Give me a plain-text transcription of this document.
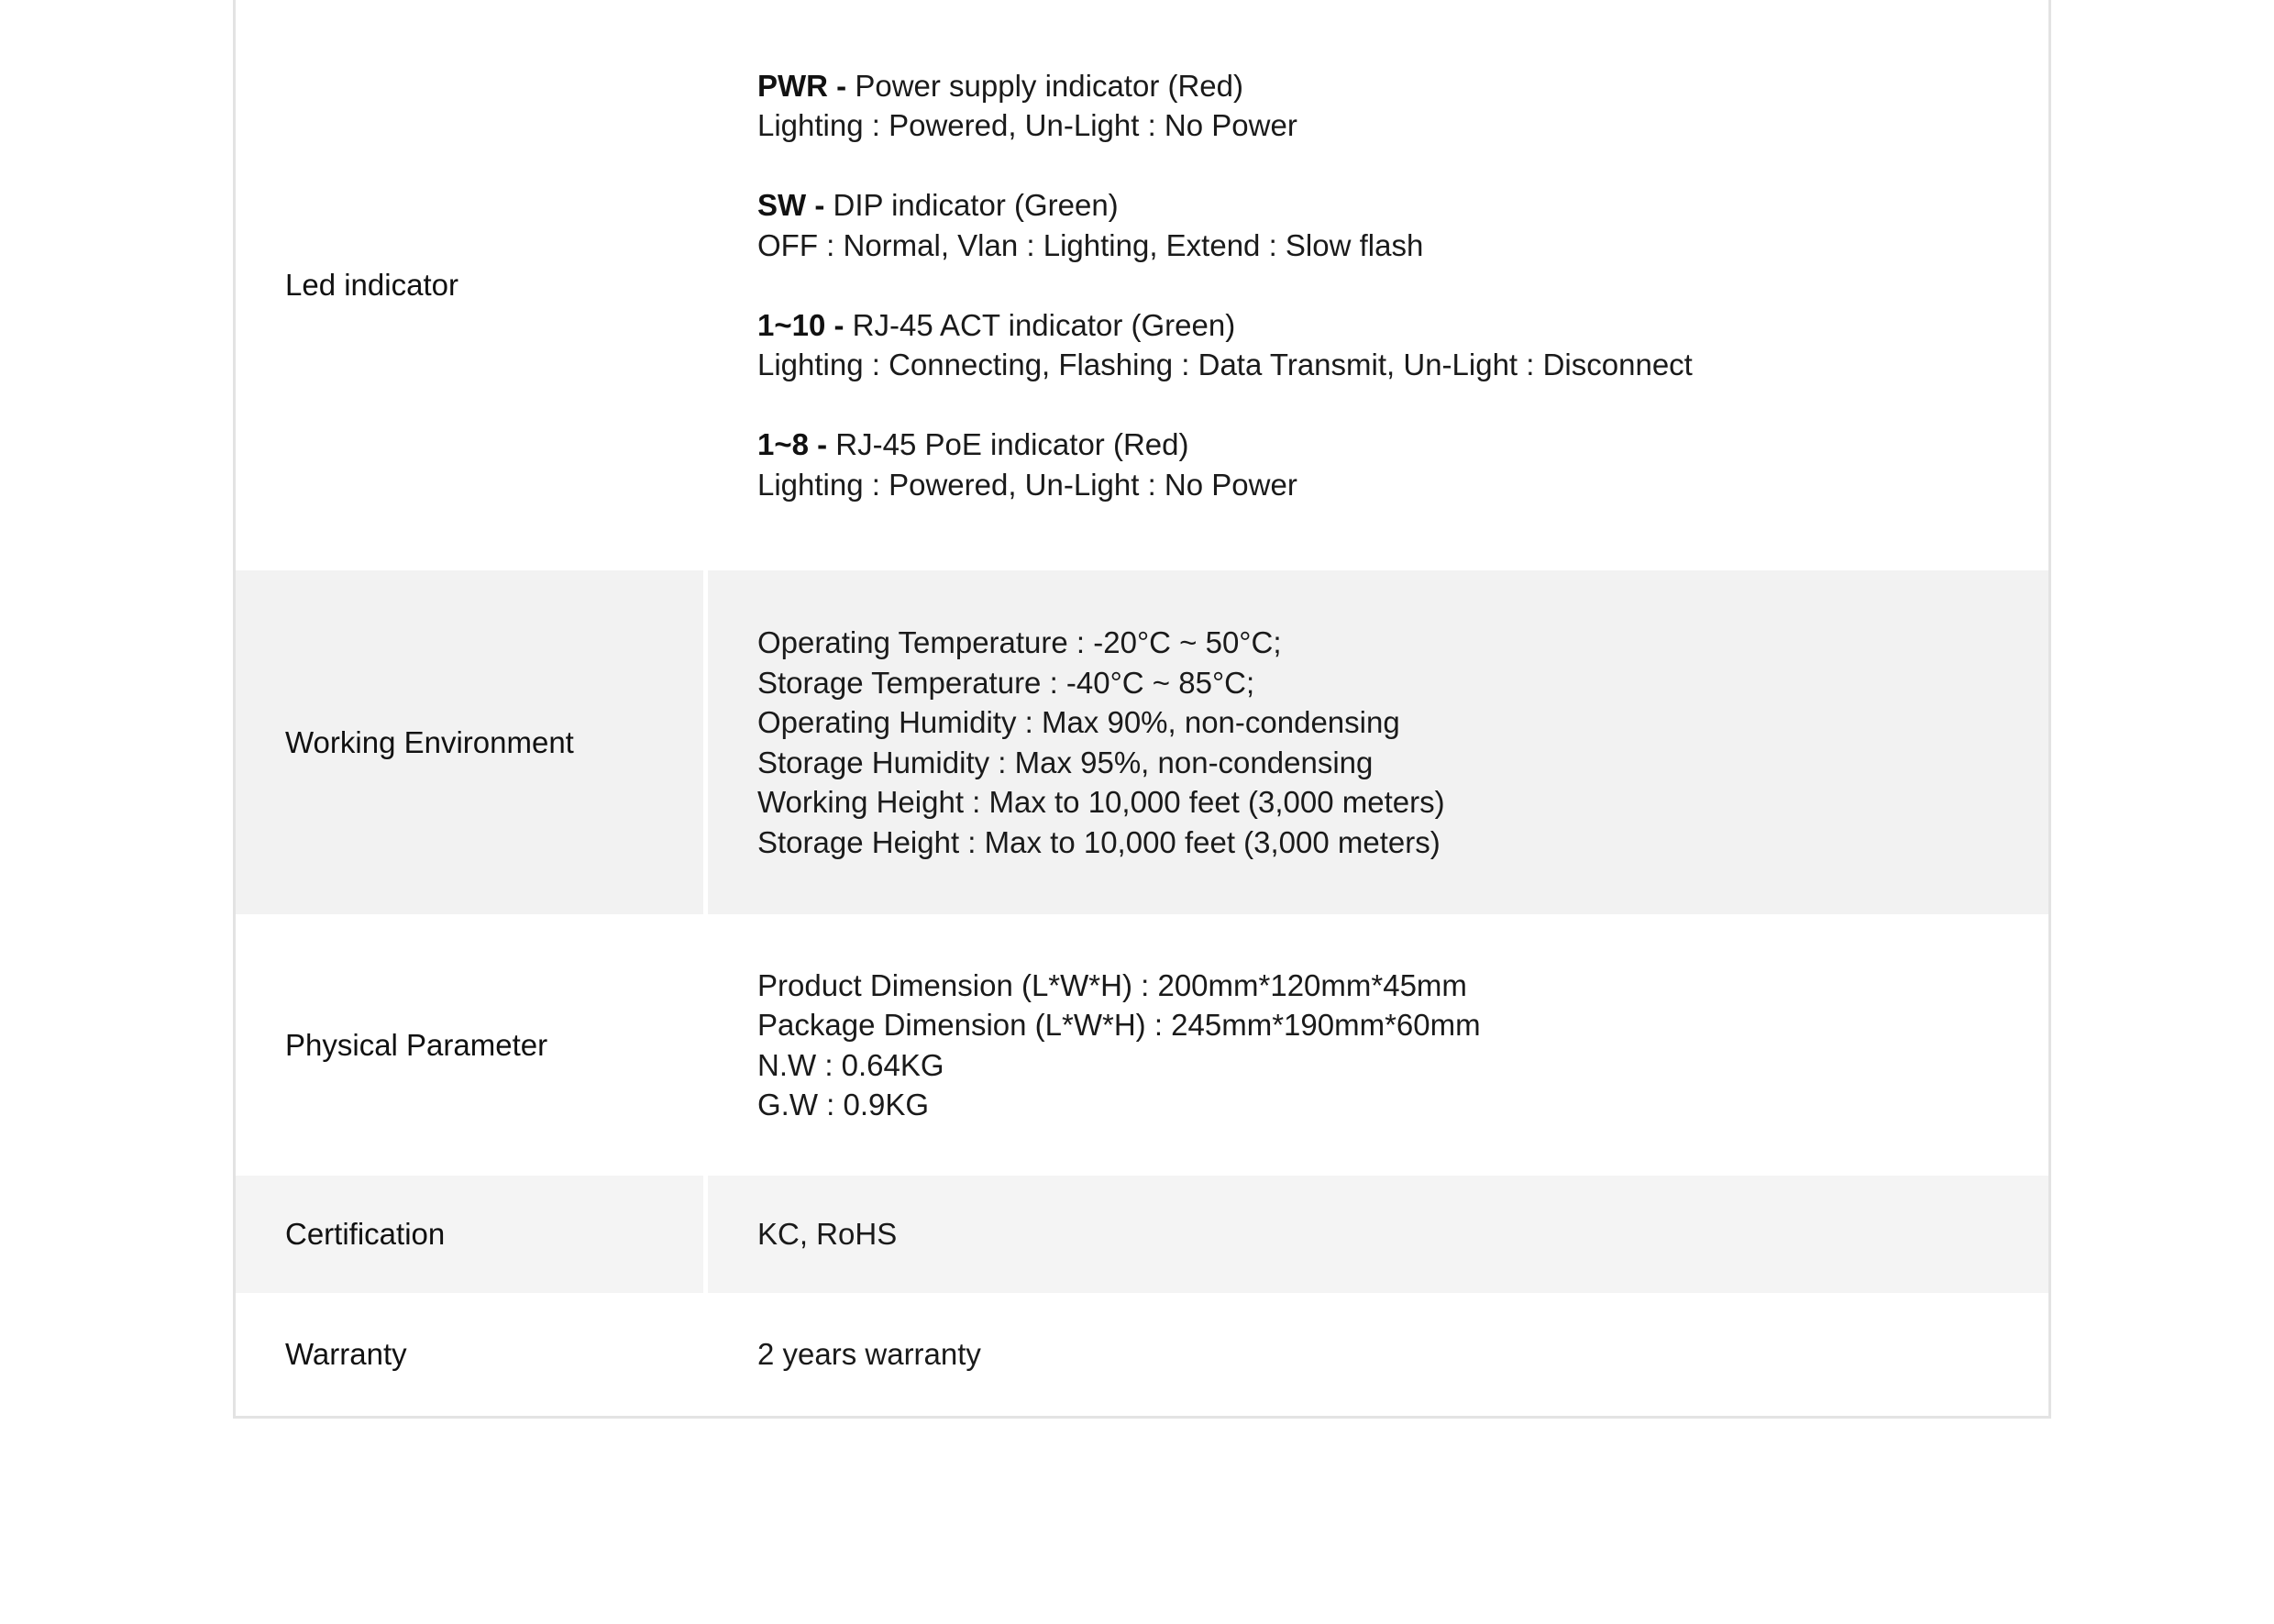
Led indicator
PWR - Power supply indicator (Red)
Lighting : Powered, Un-Light : No Power
SW - DIP indicator (Green)
OFF : Normal, Vlan : Lighting, Extend : Slow flash
1~10 - RJ-45 ACT indicator (Green)
Lighting : Connecting, Flashing : Data Transmit, Un-Light : Disconnect
1~8 - RJ-45 PoE indicator (Red)
Lighting : Powered, Un-Light : No Power
Working Environment
Operating Temperature : -20°C ~ 50°C;
Storage Temperature : -40°C ~ 85°C;
Operating Humidity : Max 90%, non-condensing
Storage Humidity : Max 95%, non-condensing
Working Height : Max to 10,000 feet (3,000 meters)
Storage Height : Max to 10,000 feet (3,000 meters)
Physical Parameter
Product Dimension (L*W*H) : 200mm*120mm*45mm
Package Dimension (L*W*H) : 245mm*190mm*60mm
N.W : 0.64KG
G.W : 0.9KG
Certification	KC, RoHS
Warranty	2 years warranty
